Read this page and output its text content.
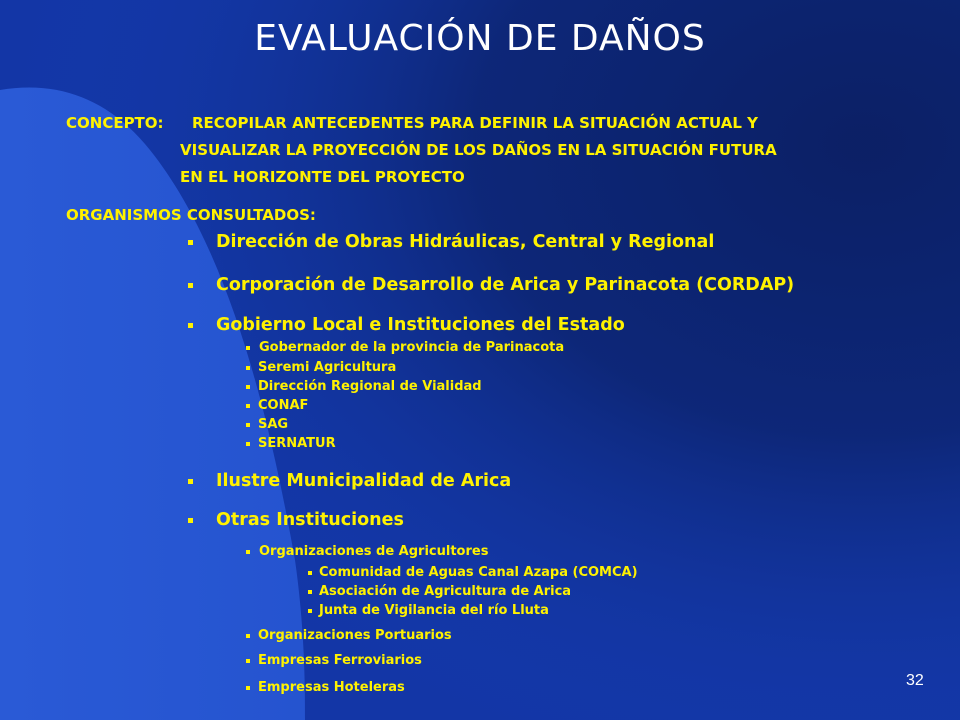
EVALUACIÓN DE DAÑOS
CONCEPTO: RECOPILAR ANTECEDENTES PARA DEFINIR LA SITUACIÓN ACTUAL Y
VISUALIZAR LA PROYECCIÓN DE LOS DAÑOS EN LA SITUACIÓN FUTURA
EN EL HORIZONTE DEL PROYECTO
ORGANISMOS CONSULTADOS:
Dirección de Obras Hidráulicas, Central y Regional
Corporación de Desarrollo de Arica y Parinacota (CORDAP)
Gobierno Local e Instituciones del Estado
Gobernador de la provincia de Parinacota
Seremi Agricultura
Dirección Regional de Vialidad
CONAF
SAG
SERNATUR
Ilustre Municipalidad de Arica
Otras Instituciones
Organizaciones de Agricultores
Comunidad de Aguas Canal Azapa (COMCA)
Asociación de Agricultura de Arica
Junta de Vigilancia del río Lluta
Organizaciones Portuarios
Empresas Ferroviarios
Empresas Hoteleras	32
